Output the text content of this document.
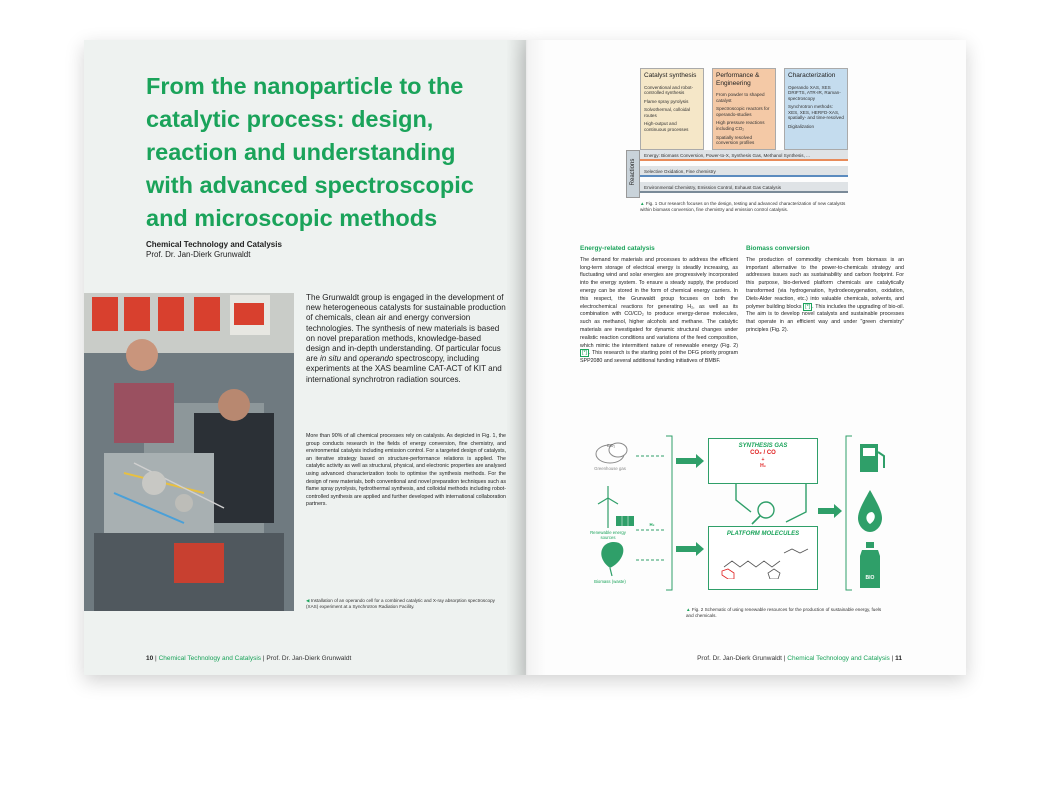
From the nanoparticle to the catalytic process: design, reaction and understanding with advanced spectroscopic and microscopic methods
Chemical Technology and Catalysis
Prof. Dr. Jan-Dierk Grunwaldt
The Grunwaldt group is engaged in the development of new heterogeneous catalysts for sustainable production of chemicals, clean air and energy conversion technologies. The synthesis of new materials is based on novel preparation methods, knowledge-based design and in-depth understanding. Of particular focus are in situ and operando spectroscopy, including experiments at the XAS beamline CAT-ACT of KIT and international synchrotron radiation sources.
More than 90% of all chemical processes rely on catalysis. As depicted in Fig. 1, the group conducts research in the fields of energy conversion, fine chemistry, and environmental catalysis including emission control. For a targeted design of catalysts, an iterative strategy based on structure-performance relations is applied. The catalytic activity as well as structural, physical, and electronic properties are analysed using advanced characterization tools to optimise the synthesis methods. For the design of new materials, both conventional and novel preparation techniques such as flame spray pyrolysis, hydrothermal synthesis, and colloidal methods including robot-controlled synthesis are applied and further developed with international collaboration partners.
◀ Installation of an operando cell for a combined catalytic and X-ray absorption spectroscopy (XAS) experiment at a Synchrotron Radiation Facility.
10 | Chemical Technology and Catalysis | Prof. Dr. Jan-Dierk Grunwaldt
Catalyst synthesis
Conventional and robot-controlled synthesis
Flame spray pyrolysis
Solvothermal, colloidal routes
High-output and continuous processes
Performance & Engineering
From powder to shaped catalyst
Spectroscopic reactors for operando-studies
High pressure reactions including CO₂
Spatially resolved conversion profiles
Characterization
Operando XAS, XES DRIFTS, ATR-IR, Raman-spectroscopy
Synchrotron methods: XES, XES, HERFD-XAS, spatially- and time-resolved
Digitalization
Reactions
Energy: Biomass Conversion, Power-to-X, Synthesis Gas, Methanol Synthesis, ...
Selective Oxidation, Fine chemistry
Environmental Chemistry, Emission Control, Exhaust Gas Catalysis
▲ Fig. 1 Our research focuses on the design, testing and advanced characterization of new catalysts within biomass conversion, fine chemistry and emission control catalysis.
Energy-related catalysis
The demand for materials and processes to address the efficient long-term storage of electrical energy is steadily increasing, as fluctuating wind and solar energies are progressively incorporated into the energy system. To ensure a steady supply, the produced energy can be stored in the form of chemical energy carriers. In this respect, the Grunwaldt group focuses on both the electrochemical reactions for generating H₂, as well as its combination with CO/CO₂ to produce energy-dense molecules, such as methanol, higher alcohols and methane. The catalytic materials are investigated for dynamic structural changes under realistic reaction conditions and variations of the feed composition, which mimic the intermittent nature of renewable energy (Fig. 2) [*] . This research is the starting point of the DFG priority program SPP2080 and several additional funding initiatives of BMBF.
Biomass conversion
The production of commodity chemicals from biomass is an important alternative to the power-to-chemicals strategy and addresses issues such as sustainability and carbon footprint. For this purpose, bio-derived platform chemicals are catalytically transformed (via hydrogenation, hydrodeoxygenation, oxidation, Diels-Alder reaction, etc.) into valuable chemicals, solvents, and polymer building blocks [*] . This includes the upgrading of bio-oil. The aim is to develop novel catalysts and sustainable processes that operate in an efficient way and under "green chemistry" principles (Fig. 2).
CO₂
Greenhouse gas
H₂
Renewable energy sources
Biomass (waste)
SYNTHESIS GAS
CO₂ / CO
+
H₂
PLATFORM MOLECULES
BIO
▲ Fig. 2 Schematic of using renewable resources for the production of sustainable energy, fuels and chemicals.
Prof. Dr. Jan-Dierk Grunwaldt | Chemical Technology and Catalysis | 11
